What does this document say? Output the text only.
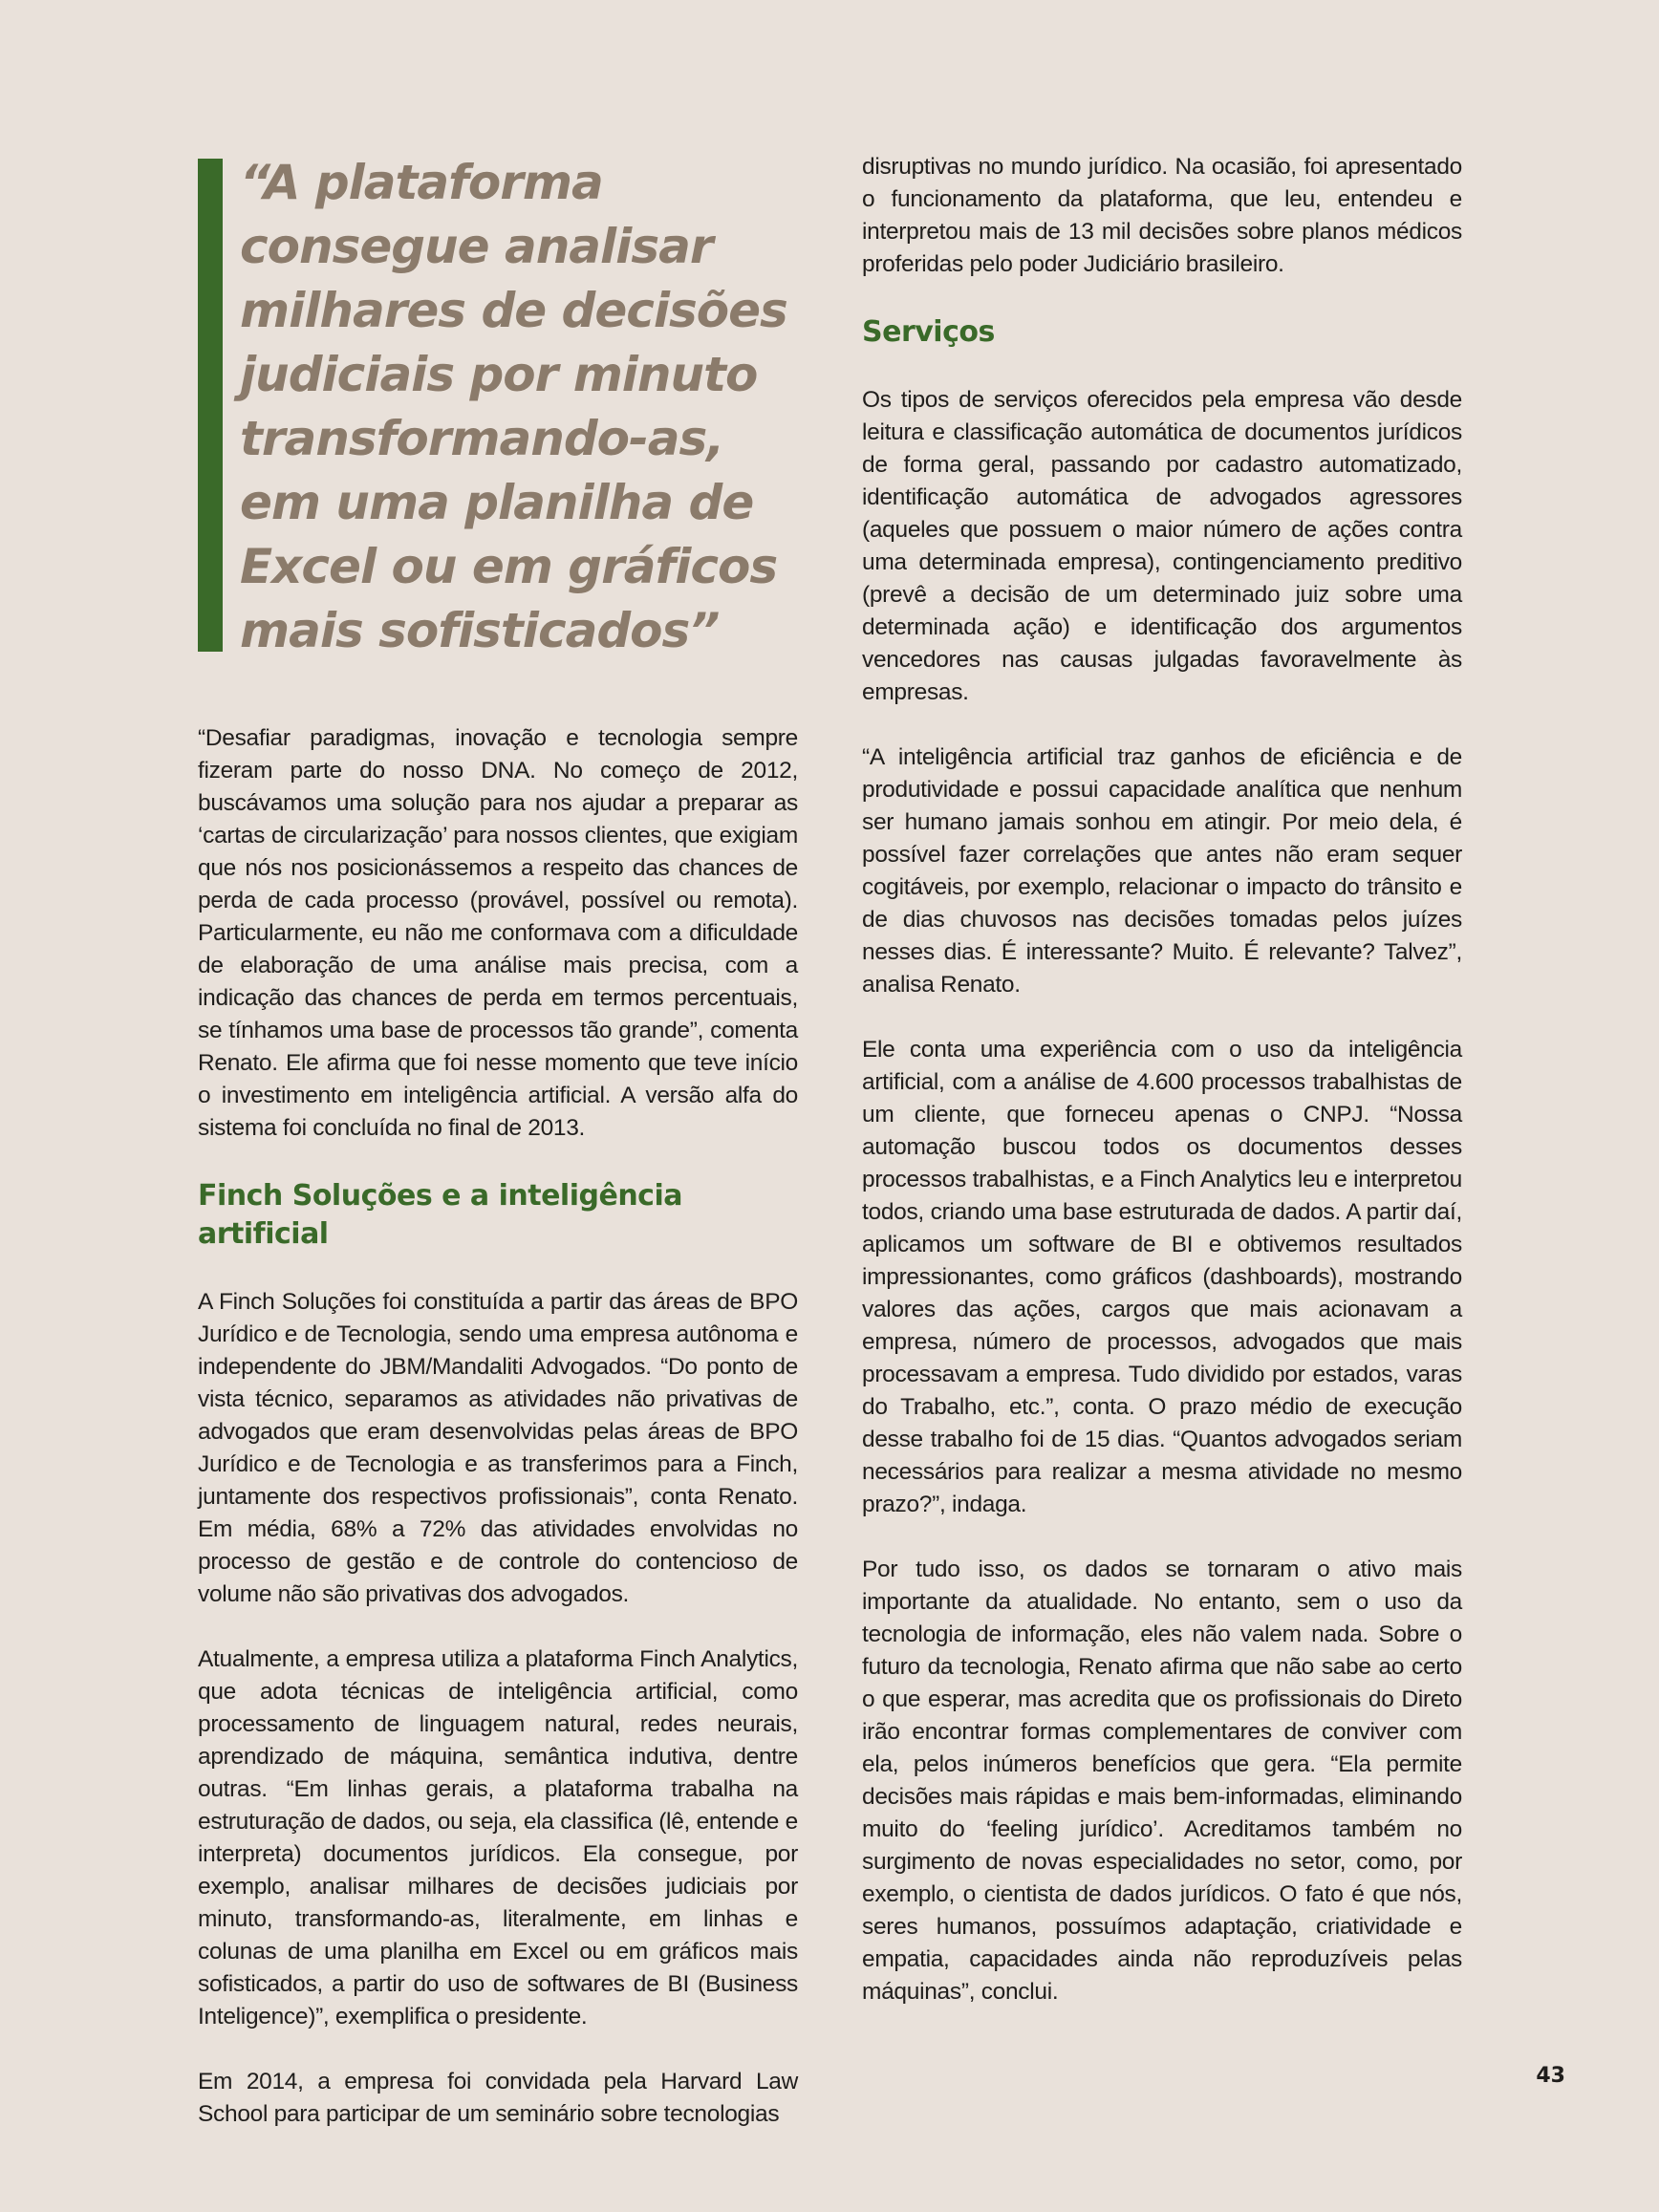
“A plataforma
consegue analisar
milhares de decisões
judiciais por minuto
transformando-as,
em uma planilha de
Excel ou em gráficos
mais sofisticados”

“Desafiar paradigmas, inovação e tecnologia sempre fizeram parte do nosso DNA. No começo de 2012, buscávamos uma solução para nos ajudar a preparar as ‘cartas de circularização’ para nossos clientes, que exigiam que nós nos posicionássemos a respeito das chances de perda de cada processo (provável, possível ou remota). Particularmente, eu não me conformava com a dificuldade de elaboração de uma análise mais precisa, com a indicação das chances de perda em termos percentuais, se tínhamos uma base de processos tão grande”, comenta Renato. Ele afirma que foi nesse momento que teve início o investimento em inteligência artificial. A versão alfa do sistema foi concluída no final de 2013.

Finch Soluções e a inteligência artificial

A Finch Soluções foi constituída a partir das áreas de BPO Jurídico e de Tecnologia, sendo uma empresa autônoma e independente do JBM/Mandaliti Advogados. “Do ponto de vista técnico, separamos as atividades não privativas de advogados que eram desenvolvidas pelas áreas de BPO Jurídico e de Tecnologia e as transferimos para a Finch, juntamente dos respectivos profissionais”, conta Renato. Em média, 68% a 72% das atividades envolvidas no processo de gestão e de controle do contencioso de volume não são privativas dos advogados.

Atualmente, a empresa utiliza a plataforma Finch Analytics, que adota técnicas de inteligência artificial, como processamento de linguagem natural, redes neurais, aprendizado de máquina, semântica indutiva, dentre outras. “Em linhas gerais, a plataforma trabalha na estruturação de dados, ou seja, ela classifica (lê, entende e interpreta) documentos jurídicos. Ela consegue, por exemplo, analisar milhares de decisões judiciais por minuto, transformando-as, literalmente, em linhas e colunas de uma planilha em Excel ou em gráficos mais sofisticados, a partir do uso de softwares de BI (Business Inteligence)”, exemplifica o presidente.

Em 2014, a empresa foi convidada pela Harvard Law School para participar de um seminário sobre tecnologias

disruptivas no mundo jurídico. Na ocasião, foi apresentado o funcionamento da plataforma, que leu, entendeu e interpretou mais de 13 mil decisões sobre planos médicos proferidas pelo poder Judiciário brasileiro.

Serviços

Os tipos de serviços oferecidos pela empresa vão desde leitura e classificação automática de documentos jurídicos de forma geral, passando por cadastro automatizado, identificação automática de advogados agressores (aqueles que possuem o maior número de ações contra uma determinada empresa), contingenciamento preditivo (prevê a decisão de um determinado juiz sobre uma determinada ação) e identificação dos argumentos vencedores nas causas julgadas favoravelmente às empresas.

“A inteligência artificial traz ganhos de eficiência e de produtividade e possui capacidade analítica que nenhum ser humano jamais sonhou em atingir. Por meio dela, é possível fazer correlações que antes não eram sequer cogitáveis, por exemplo, relacionar o impacto do trânsito e de dias chuvosos nas decisões tomadas pelos juízes nesses dias. É interessante? Muito. É relevante? Talvez”, analisa Renato.

Ele conta uma experiência com o uso da inteligência artificial, com a análise de 4.600 processos trabalhistas de um cliente, que forneceu apenas o CNPJ. “Nossa automação buscou todos os documentos desses processos trabalhistas, e a Finch Analytics leu e interpretou todos, criando uma base estruturada de dados. A partir daí, aplicamos um software de BI e obtivemos resultados impressionantes, como gráficos (dashboards), mostrando valores das ações, cargos que mais acionavam a empresa, número de processos, advogados que mais processavam a empresa. Tudo dividido por estados, varas do Trabalho, etc.”, conta. O prazo médio de execução desse trabalho foi de 15 dias. “Quantos advogados seriam necessários para realizar a mesma atividade no mesmo prazo?”, indaga.

Por tudo isso, os dados se tornaram o ativo mais importante da atualidade. No entanto, sem o uso da tecnologia de informação, eles não valem nada. Sobre o futuro da tecnologia, Renato afirma que não sabe ao certo o que esperar, mas acredita que os profissionais do Direto irão encontrar formas complementares de conviver com ela, pelos inúmeros benefícios que gera. “Ela permite decisões mais rápidas e mais bem-informadas, eliminando muito do ‘feeling jurídico’. Acreditamos também no surgimento de novas especialidades no setor, como, por exemplo, o cientista de dados jurídicos. O fato é que nós, seres humanos, possuímos adaptação, criatividade e empatia, capacidades ainda não reproduzíveis pelas máquinas”, conclui.

43
